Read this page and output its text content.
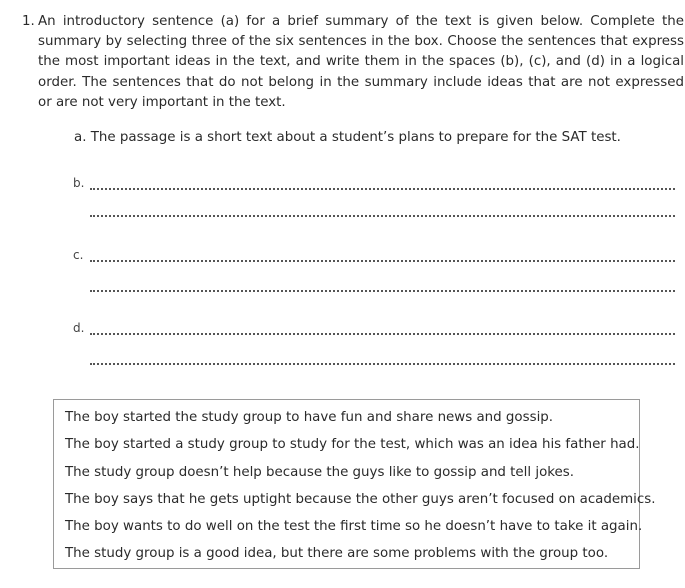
1. An introductory sentence (a) for a brief summary of the text is given below. Complete the summary by selecting three of the six sentences in the box. Choose the sentences that express the most important ideas in the text, and write them in the spaces (b), (c), and (d) in a logical order. The sentences that do not belong in the summary include ideas that are not expressed or are not very important in the text.
a. The passage is a short text about a student’s plans to prepare for the SAT test.
b.
c.
d.
The boy started the study group to have fun and share news and gossip.
The boy started a study group to study for the test, which was an idea his father had.
The study group doesn’t help because the guys like to gossip and tell jokes.
The boy says that he gets uptight because the other guys aren’t focused on academics.
The boy wants to do well on the test the first time so he doesn’t have to take it again.
The study group is a good idea, but there are some problems with the group too.
